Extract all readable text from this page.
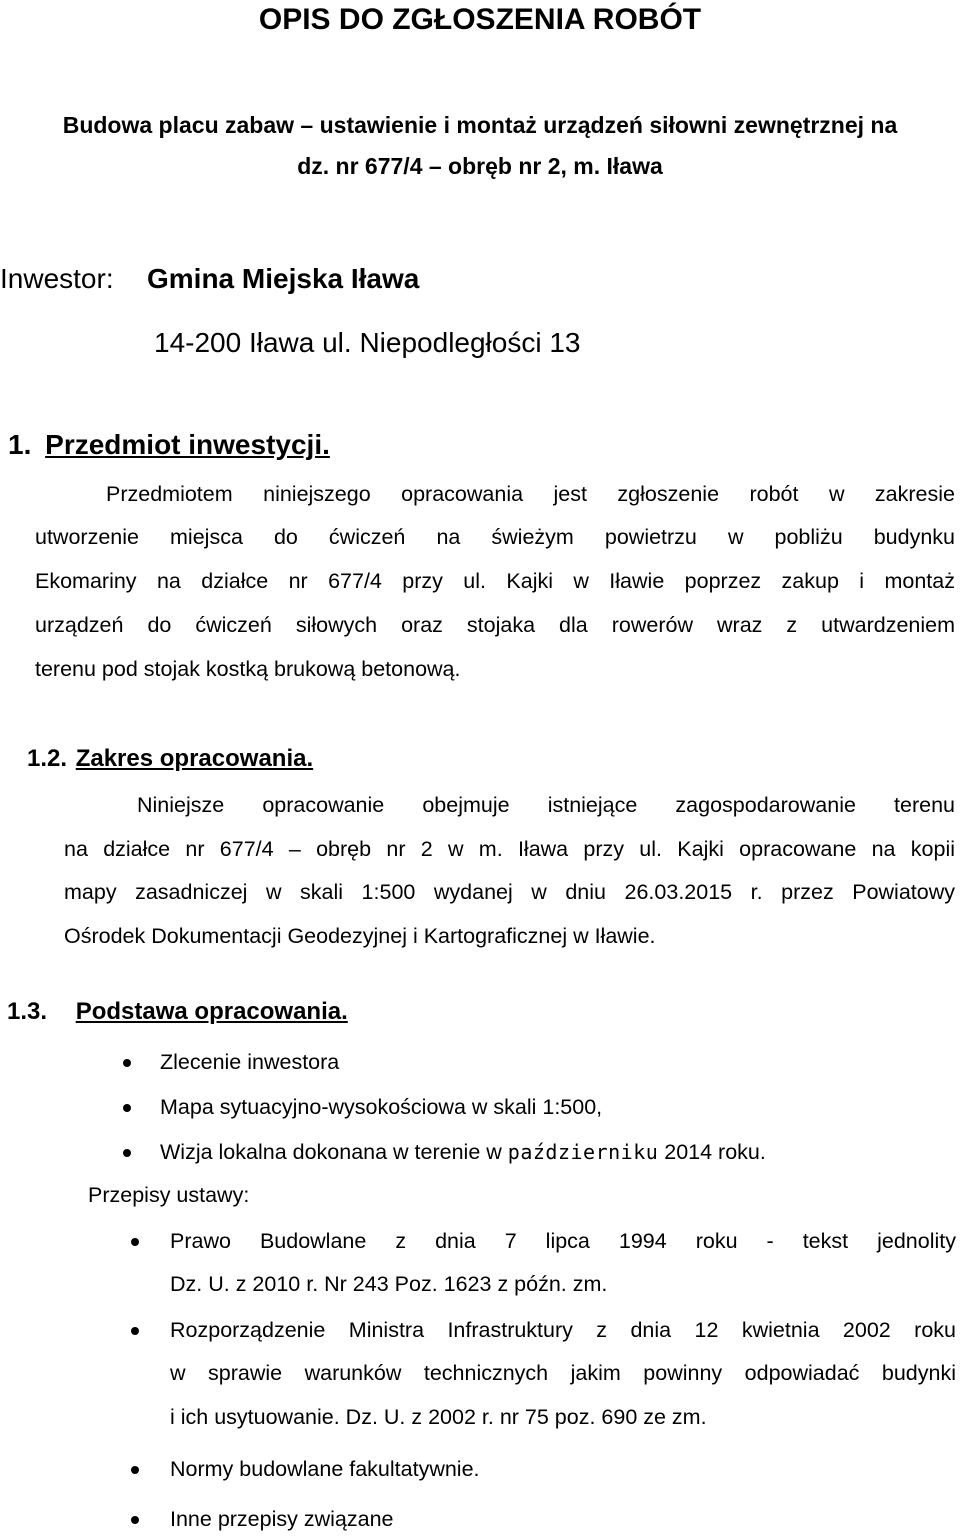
OPIS DO ZGŁOSZENIA ROBÓT
Budowa placu zabaw – ustawienie i montaż urządzeń siłowni zewnętrznej na
dz. nr 677/4 – obręb nr 2, m. Iława
Inwestor: Gmina Miejska Iława
14-200 Iława ul. Niepodległości 13
1. Przedmiot inwestycji.
Przedmiotem niniejszego opracowania jest zgłoszenie robót w zakresie
utworzenie miejsca do ćwiczeń na świeżym powietrzu w pobliżu budynku
Ekomariny na działce nr 677/4 przy ul. Kajki w Iławie poprzez zakup i montaż
urządzeń do ćwiczeń siłowych oraz stojaka dla rowerów wraz z utwardzeniem
terenu pod stojak kostką brukową betonową.
1.2. Zakres opracowania.
Niniejsze opracowanie obejmuje istniejące zagospodarowanie terenu
na działce nr 677/4 – obręb nr 2 w m. Iława przy ul. Kajki opracowane na kopii
mapy zasadniczej w skali 1:500 wydanej w dniu 26.03.2015 r. przez Powiatowy
Ośrodek Dokumentacji Geodezyjnej i Kartograficznej w Iławie.
1.3. Podstawa opracowania.
Zlecenie inwestora
Mapa sytuacyjno-wysokościowa w skali 1:500,
Wizja lokalna dokonana w terenie w październiku 2014 roku.
Przepisy ustawy:
Prawo Budowlane z dnia 7 lipca 1994 roku - tekst jednolity
Dz. U. z 2010 r. Nr 243 Poz. 1623 z późn. zm.
Rozporządzenie Ministra Infrastruktury z dnia 12 kwietnia 2002 roku
w sprawie warunków technicznych jakim powinny odpowiadać budynki
i ich usytuowanie. Dz. U. z 2002 r. nr 75 poz. 690 ze zm.
Normy budowlane fakultatywnie.
Inne przepisy związane
